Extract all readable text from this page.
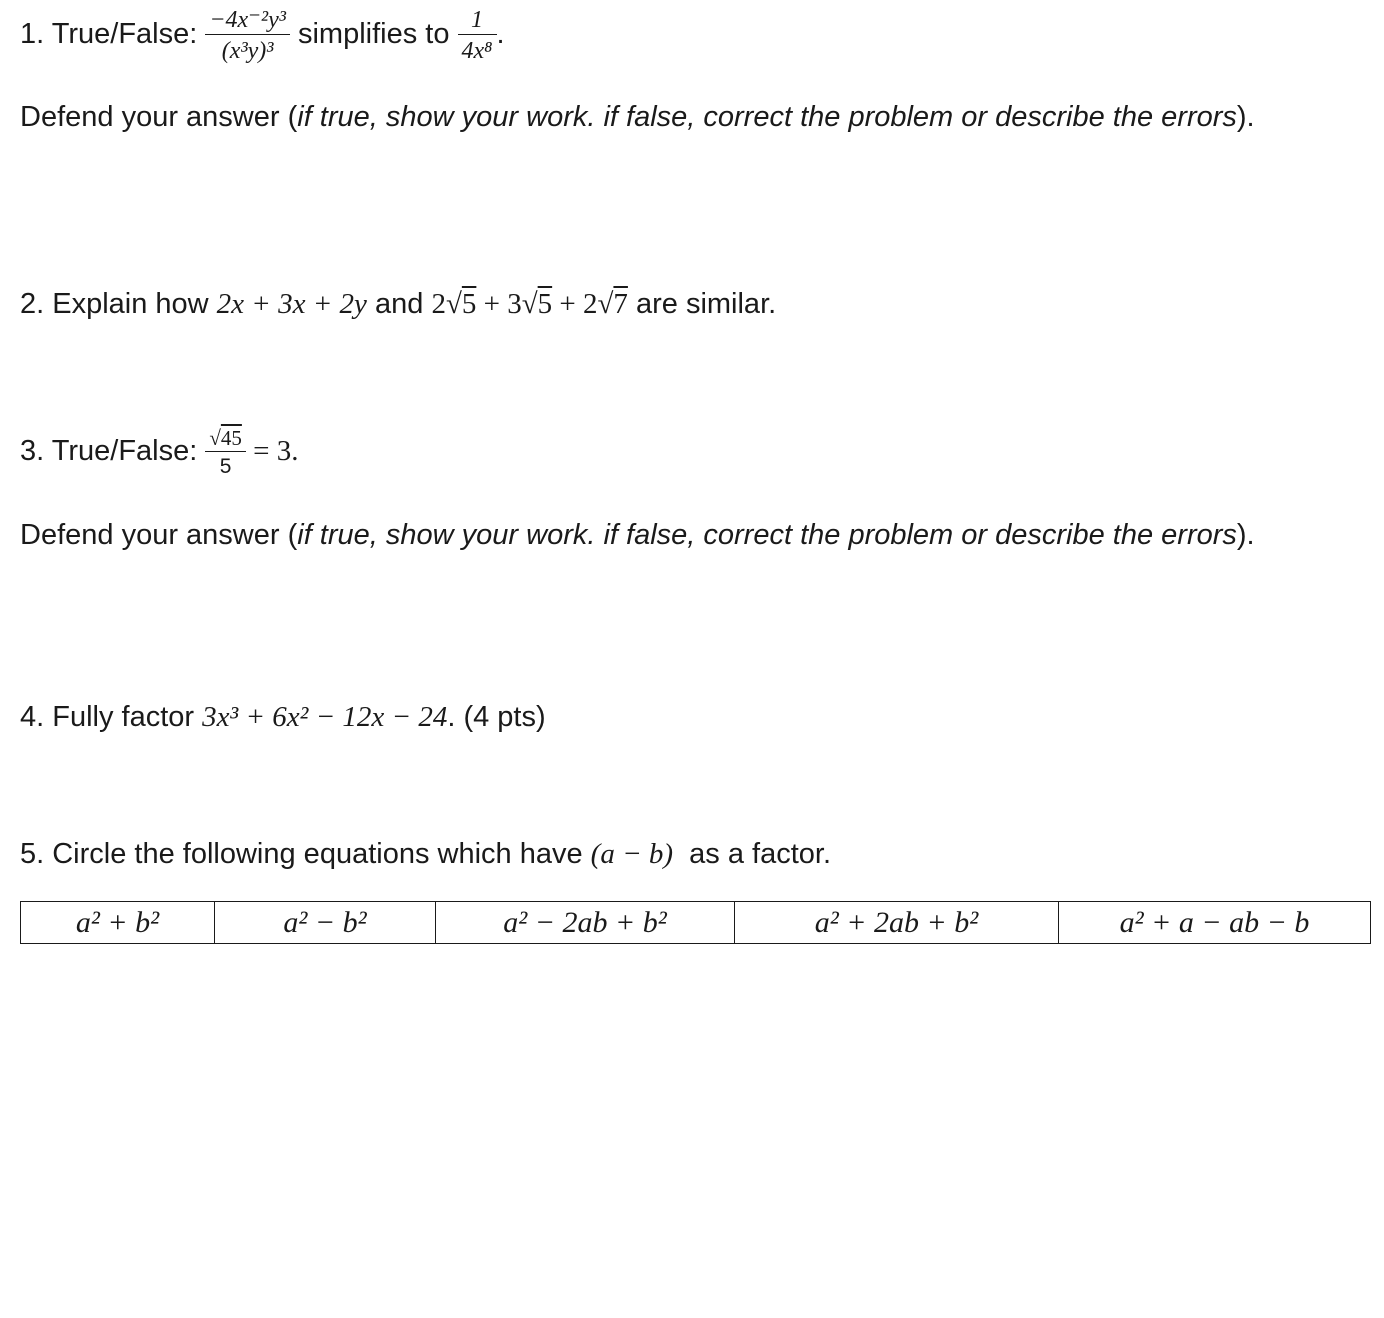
1. True/False: $\frac{\text{−4x⁻²y³}}{\text{(x³y)³}}$ simplifies to $\frac{1}{\text{4x⁸}}$ .
Defend your answer (if true, show your work. if false, correct the problem or describe the errors).
2. Explain how 2x + 3x + 2y and 2√5 + 3√5 + 2√7 are similar.
3. True/False: $\frac{√45}{5} = 3$.
Defend your answer (if true, show your work. if false, correct the problem or describe the errors).
4. Fully factor 3x³ + 6x² − 12x − 24. (4 pts)
5. Circle the following equations which have (a − b)  as a factor.
a² + b²	a² − b²	a² − 2ab + b²	a² + 2ab + b²	a² + a − ab − b
